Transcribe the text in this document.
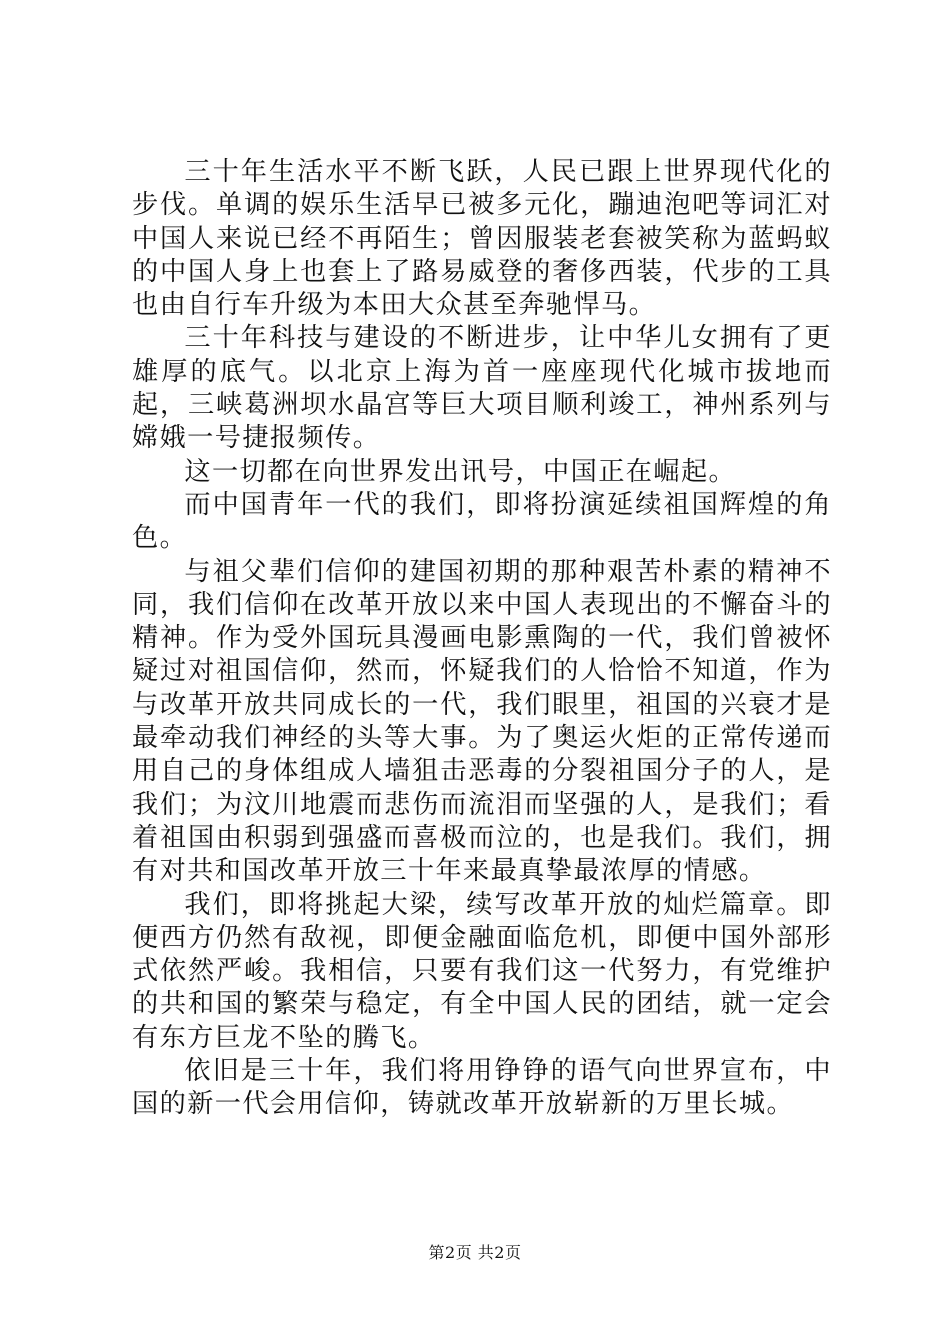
三十年生活水平不断飞跃，人民已跟上世界现代化的步伐。单调的娱乐生活早已被多元化，蹦迪泡吧等词汇对中国人来说已经不再陌生；曾因服装老套被笑称为蓝蚂蚁的中国人身上也套上了路易威登的奢侈西装，代步的工具也由自行车升级为本田大众甚至奔驰悍马。

三十年科技与建设的不断进步，让中华儿女拥有了更雄厚的底气。以北京上海为首一座座现代化城市拔地而起，三峡葛洲坝水晶宫等巨大项目顺利竣工，神州系列与嫦娥一号捷报频传。

这一切都在向世界发出讯号，中国正在崛起。

而中国青年一代的我们，即将扮演延续祖国辉煌的角色。

与祖父辈们信仰的建国初期的那种艰苦朴素的精神不同，我们信仰在改革开放以来中国人表现出的不懈奋斗的精神。作为受外国玩具漫画电影熏陶的一代，我们曾被怀疑过对祖国信仰，然而，怀疑我们的人恰恰不知道，作为与改革开放共同成长的一代，我们眼里，祖国的兴衰才是最牵动我们神经的头等大事。为了奥运火炬的正常传递而用自己的身体组成人墙狙击恶毒的分裂祖国分子的人，是我们；为汶川地震而悲伤而流泪而坚强的人，是我们；看着祖国由积弱到强盛而喜极而泣的，也是我们。我们，拥有对共和国改革开放三十年来最真挚最浓厚的情感。

我们，即将挑起大梁，续写改革开放的灿烂篇章。即便西方仍然有敌视，即便金融面临危机，即便中国外部形式依然严峻。我相信，只要有我们这一代努力，有党维护的共和国的繁荣与稳定，有全中国人民的团结，就一定会有东方巨龙不坠的腾飞。

依旧是三十年，我们将用铮铮的语气向世界宣布，中国的新一代会用信仰，铸就改革开放崭新的万里长城。

第2页 共2页
